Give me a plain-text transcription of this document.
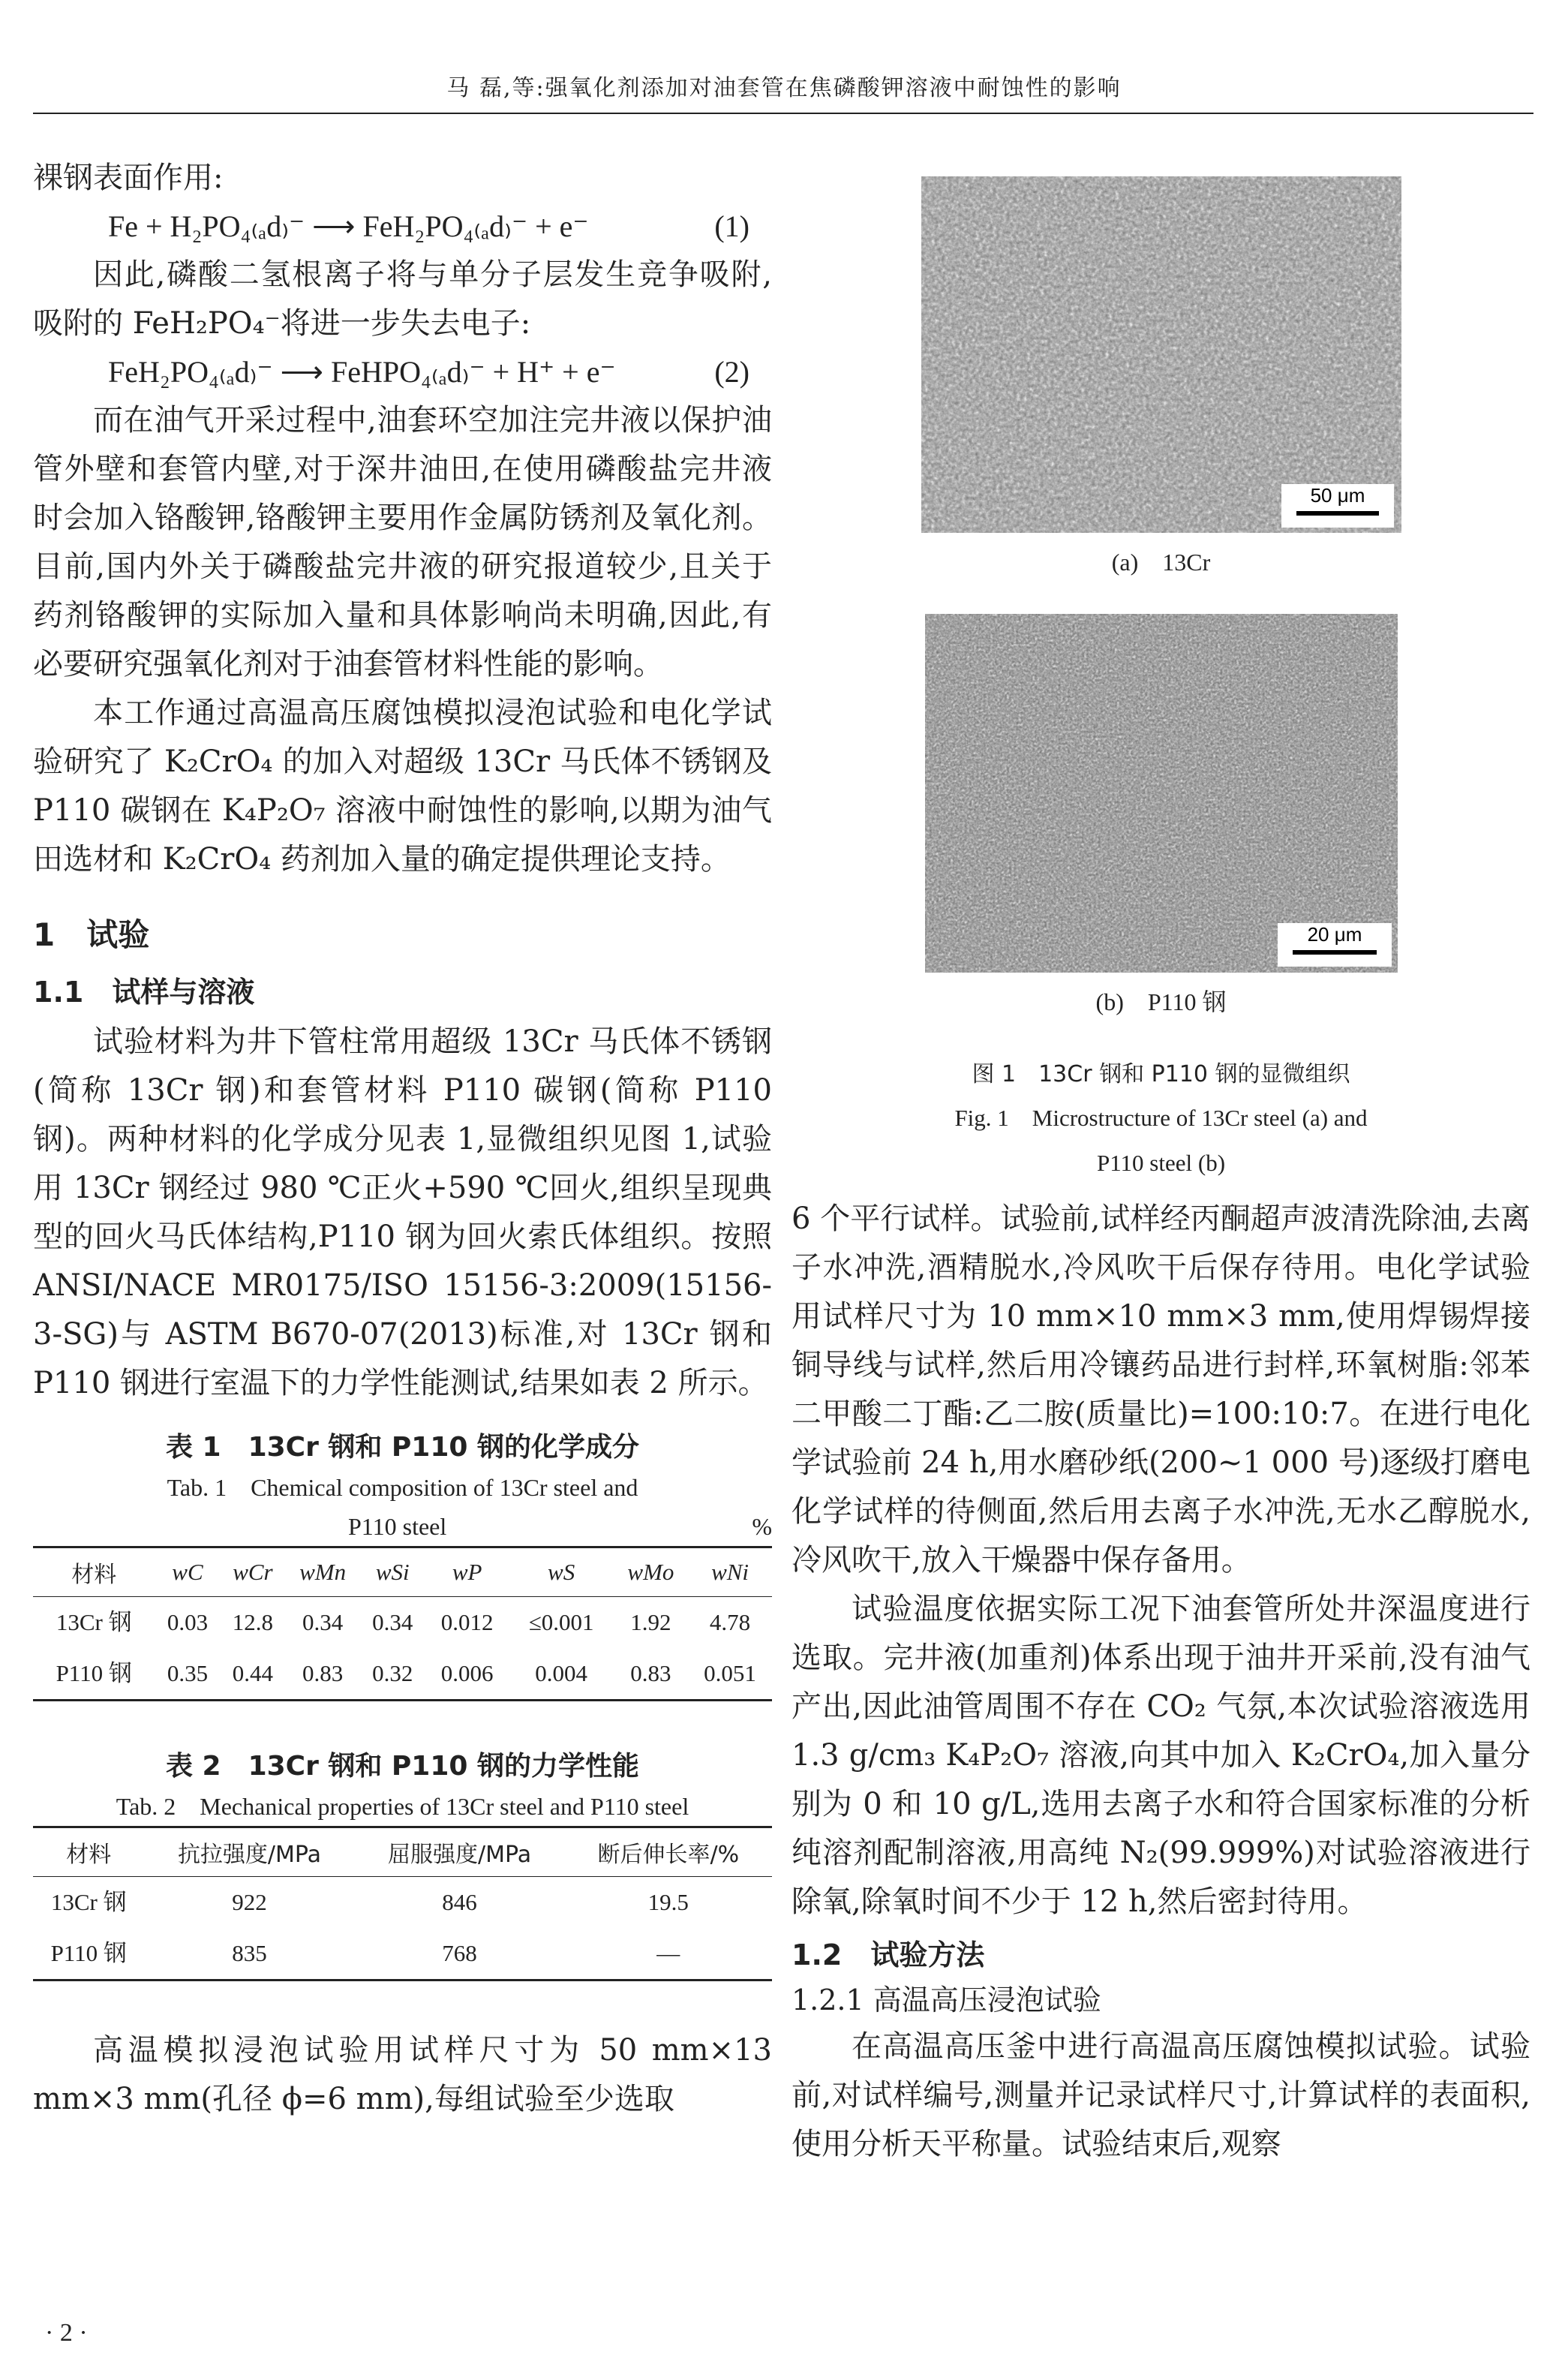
马 磊,等:强氧化剂添加对油套管在焦磷酸钾溶液中耐蚀性的影响

裸钢表面作用:

Fe + H₂PO₄₍ₐd₎⁻ ⟶ FeH₂PO₄₍ₐd₎⁻ + e⁻	(1)

因此,磷酸二氢根离子将与单分子层发生竞争吸附,吸附的 FeH₂PO₄⁻将进一步失去电子:

FeH₂PO₄₍ₐd₎⁻ ⟶ FeHPO₄₍ₐd₎⁻ + H⁺ + e⁻	(2)

而在油气开采过程中,油套环空加注完井液以保护油管外壁和套管内壁,对于深井油田,在使用磷酸盐完井液时会加入铬酸钾,铬酸钾主要用作金属防锈剂及氧化剂。目前,国内外关于磷酸盐完井液的研究报道较少,且关于药剂铬酸钾的实际加入量和具体影响尚未明确,因此,有必要研究强氧化剂对于油套管材料性能的影响。

本工作通过高温高压腐蚀模拟浸泡试验和电化学试验研究了 K₂CrO₄ 的加入对超级 13Cr 马氏体不锈钢及 P110 碳钢在 K₄P₂O₇ 溶液中耐蚀性的影响,以期为油气田选材和 K₂CrO₄ 药剂加入量的确定提供理论支持。

1　试验
1.1　试样与溶液

试验材料为井下管柱常用超级 13Cr 马氏体不锈钢(简称 13Cr 钢)和套管材料 P110 碳钢(简称 P110 钢)。两种材料的化学成分见表 1,显微组织见图 1,试验用 13Cr 钢经过 980 ℃正火+590 ℃回火,组织呈现典型的回火马氏体结构,P110 钢为回火索氏体组织。按照 ANSI/NACE MR0175/ISO 15156-3:2009(15156-3-SG)与 ASTM B670-07(2013)标准,对 13Cr 钢和 P110 钢进行室温下的力学性能测试,结果如表 2 所示。

表 1　13Cr 钢和 P110 钢的化学成分
Tab. 1　Chemical composition of 13Cr steel and
P110 steel	%
材料	wC	wCr	wMn	wSi	wP	wS	wMo	wNi
13Cr 钢	0.03	12.8	0.34	0.34	0.012	≤0.001	1.92	4.78
P110 钢	0.35	0.44	0.83	0.32	0.006	0.004	0.83	0.051
表 2　13Cr 钢和 P110 钢的力学性能
Tab. 2　Mechanical properties of 13Cr steel and P110 steel
材料	抗拉强度/MPa	屈服强度/MPa	断后伸长率/%
13Cr 钢	922	846	19.5
P110 钢	835	768	—

高温模拟浸泡试验用试样尺寸为 50 mm×13 mm×3 mm(孔径 ϕ=6 mm),每组试验至少选取

50 μm
(a)　13Cr
20 μm
(b)　P110 钢
图 1　13Cr 钢和 P110 钢的显微组织
Fig. 1　Microstructure of 13Cr steel (a) and
P110 steel (b)

6 个平行试样。试验前,试样经丙酮超声波清洗除油,去离子水冲洗,酒精脱水,冷风吹干后保存待用。电化学试验用试样尺寸为 10 mm×10 mm×3 mm,使用焊锡焊接铜导线与试样,然后用冷镶药品进行封样,环氧树脂:邻苯二甲酸二丁酯:乙二胺(质量比)=100:10:7。在进行电化学试验前 24 h,用水磨砂纸(200~1 000 号)逐级打磨电化学试样的待侧面,然后用去离子水冲洗,无水乙醇脱水,冷风吹干,放入干燥器中保存备用。

试验温度依据实际工况下油套管所处井深温度进行选取。完井液(加重剂)体系出现于油井开采前,没有油气产出,因此油管周围不存在 CO₂ 气氛,本次试验溶液选用 1.3 g/cm₃ K₄P₂O₇ 溶液,向其中加入 K₂CrO₄,加入量分别为 0 和 10 g/L,选用去离子水和符合国家标准的分析纯溶剂配制溶液,用高纯 N₂(99.999%)对试验溶液进行除氧,除氧时间不少于 12 h,然后密封待用。

1.2　试验方法
1.2.1 高温高压浸泡试验

在高温高压釜中进行高温高压腐蚀模拟试验。试验前,对试样编号,测量并记录试样尺寸,计算试样的表面积,使用分析天平称量。试验结束后,观察

· 2 ·
